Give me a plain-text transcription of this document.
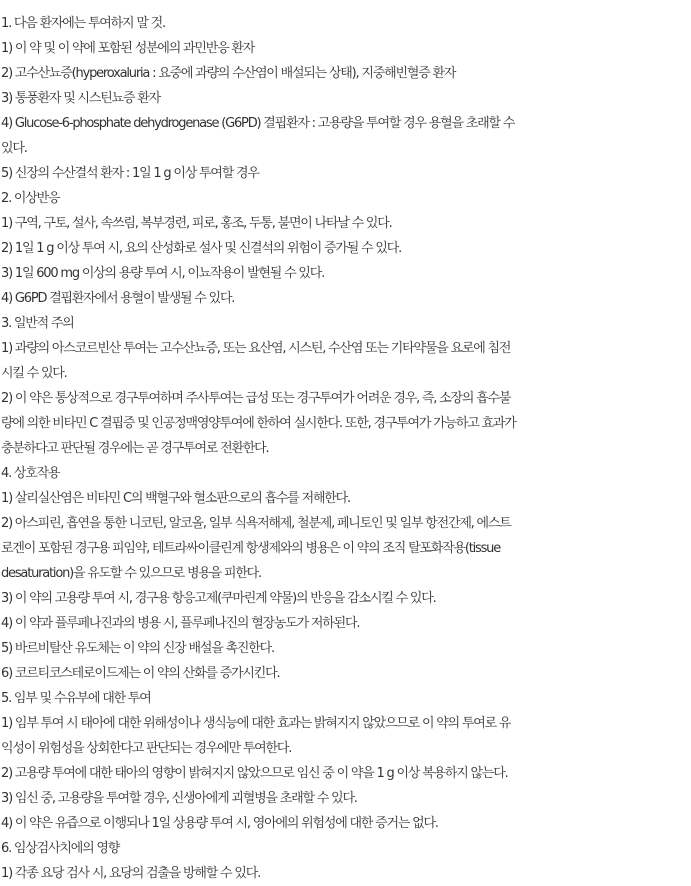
1. 다음 환자에는 투여하지 말 것.
1) 이 약 및 이 약에 포함된 성분에의 과민반응 환자
2) 고수산뇨증(hyperoxaluria : 요중에 과량의 수산염이 배설되는 상태), 지중해빈혈증 환자
3) 통풍환자 및 시스틴뇨증 환자
4) Glucose-6-phosphate dehydrogenase (G6PD) 결핍환자 : 고용량을 투여할 경우 용혈을 초래할 수
있다.
5) 신장의 수산결석 환자 : 1일 1 g 이상 투여할 경우
2. 이상반응
1) 구역, 구토, 설사, 속쓰림, 복부경련, 피로, 홍조, 두통, 불면이 나타날 수 있다.
2) 1일 1 g 이상 투여 시, 요의 산성화로 설사 및 신결석의 위험이 증가될 수 있다.
3) 1일 600 mg 이상의 용량 투여 시, 이뇨작용이 발현될 수 있다.
4) G6PD 결핍환자에서 용혈이 발생될 수 있다.
3. 일반적 주의
1) 과량의 아스코르빈산 투여는 고수산뇨증, 또는 요산염, 시스틴, 수산염 또는 기타약물을 요로에 침전
시킬 수 있다.
2) 이 약은 통상적으로 경구투여하며 주사투여는 급성 또는 경구투여가 어려운 경우, 즉, 소장의 흡수불
량에 의한 비타민 C 결핍증 및 인공정맥영양투여에 한하여 실시한다. 또한, 경구투여가 가능하고 효과가
충분하다고 판단될 경우에는 곧 경구투여로 전환한다.
4. 상호작용
1) 살리실산염은 비타민 C의 백혈구와 혈소판으로의 흡수를 저해한다.
2) 아스피린, 흡연을 통한 니코틴, 알코올, 일부 식욕저해제, 철분제, 페니토인 및 일부 항전간제, 에스트
로겐이 포함된 경구용 피임약, 테트라싸이클린계 항생제와의 병용은 이 약의 조직 탈포화작용(tissue
desaturation)을 유도할 수 있으므로 병용을 피한다.
3) 이 약의 고용량 투여 시, 경구용 항응고제(쿠마린계 약물)의 반응을 감소시킬 수 있다.
4) 이 약과 플루페나진과의 병용 시, 플루페나진의 혈장농도가 저하된다.
5) 바르비탈산 유도체는 이 약의 신장 배설을 촉진한다.
6) 코르티코스테로이드제는 이 약의 산화를 증가시킨다.
5. 임부 및 수유부에 대한 투여
1) 임부 투여 시 태아에 대한 위해성이나 생식능에 대한 효과는 밝혀지지 않았으므로 이 약의 투여로 유
익성이 위험성을 상회한다고 판단되는 경우에만 투여한다.
2) 고용량 투여에 대한 태아의 영향이 밝혀지지 않았으므로 임신 중 이 약을 1 g 이상 복용하지 않는다.
3) 임신 중, 고용량을 투여할 경우, 신생아에게 괴혈병을 초래할 수 있다.
4) 이 약은 유즙으로 이행되나 1일 상용량 투여 시, 영아에의 위험성에 대한 증거는 없다.
6. 임상검사치에의 영향
1) 각종 요당 검사 시, 요당의 검출을 방해할 수 있다.
